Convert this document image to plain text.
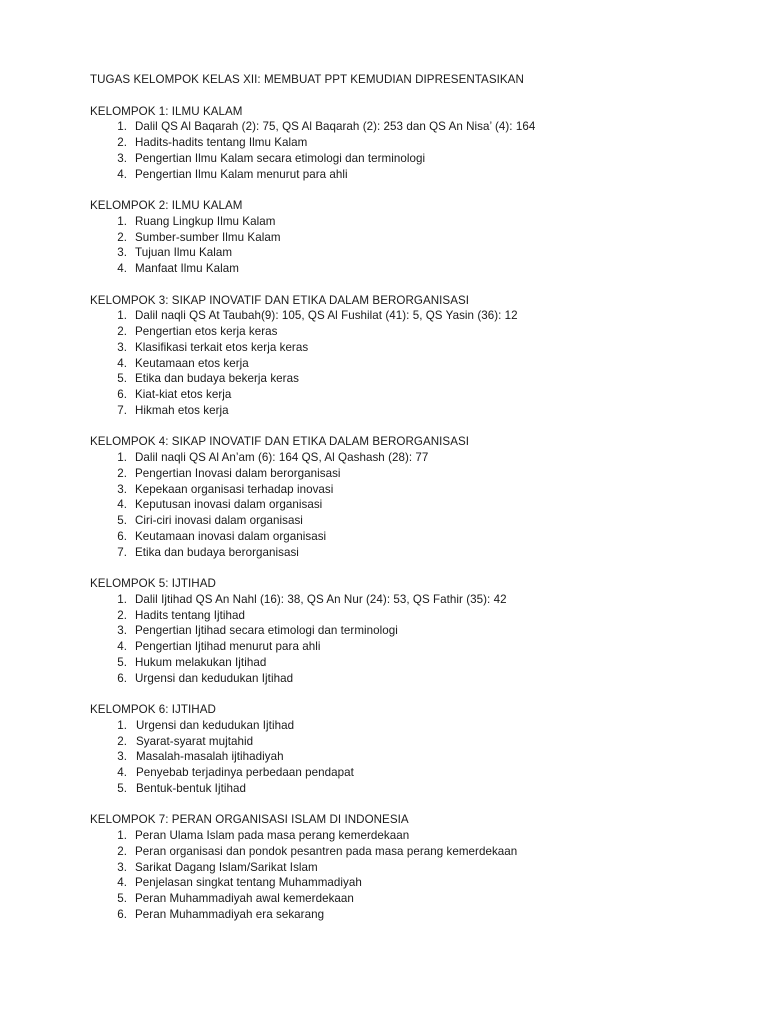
TUGAS KELOMPOK KELAS XII: MEMBUAT PPT KEMUDIAN DIPRESENTASIKAN

KELOMPOK 1: ILMU KALAM

1. Dalil QS Al Baqarah (2): 75, QS Al Baqarah (2): 253 dan QS An Nisa’ (4): 164
2. Hadits-hadits tentang Ilmu Kalam
3. Pengertian Ilmu Kalam secara etimologi dan terminologi
4. Pengertian Ilmu Kalam menurut para ahli

KELOMPOK 2: ILMU KALAM

1. Ruang Lingkup Ilmu Kalam
2. Sumber-sumber Ilmu Kalam
3. Tujuan Ilmu Kalam
4. Manfaat Ilmu Kalam

KELOMPOK 3: SIKAP INOVATIF DAN ETIKA DALAM BERORGANISASI

1. Dalil naqli QS At Taubah(9): 105, QS Al Fushilat (41): 5, QS Yasin (36): 12
2. Pengertian etos kerja keras
3. Klasifikasi terkait etos kerja keras
4. Keutamaan etos kerja
5. Etika dan budaya bekerja keras
6. Kiat-kiat etos kerja
7. Hikmah etos kerja

KELOMPOK 4: SIKAP INOVATIF DAN ETIKA DALAM BERORGANISASI

1. Dalil naqli QS Al An’am (6): 164 QS, Al Qashash (28): 77
2. Pengertian Inovasi dalam berorganisasi
3. Kepekaan organisasi terhadap inovasi
4. Keputusan inovasi dalam organisasi
5. Ciri-ciri inovasi dalam organisasi
6. Keutamaan inovasi dalam organisasi
7. Etika dan budaya berorganisasi

KELOMPOK 5: IJTIHAD

1. Dalil Ijtihad QS An Nahl (16): 38, QS An Nur (24): 53, QS Fathir (35): 42
2. Hadits tentang Ijtihad
3. Pengertian Ijtihad secara etimologi dan terminologi
4. Pengertian Ijtihad menurut para ahli
5. Hukum melakukan Ijtihad
6. Urgensi dan kedudukan Ijtihad

KELOMPOK 6: IJTIHAD

1. Urgensi dan kedudukan Ijtihad
2. Syarat-syarat mujtahid
3. Masalah-masalah ijtihadiyah
4. Penyebab terjadinya perbedaan pendapat
5. Bentuk-bentuk Ijtihad

KELOMPOK 7: PERAN ORGANISASI ISLAM DI INDONESIA

1. Peran Ulama Islam pada masa perang kemerdekaan
2. Peran organisasi dan pondok pesantren pada masa perang kemerdekaan
3. Sarikat Dagang Islam/Sarikat Islam
4. Penjelasan singkat tentang Muhammadiyah
5. Peran Muhammadiyah awal kemerdekaan
6. Peran Muhammadiyah era sekarang
